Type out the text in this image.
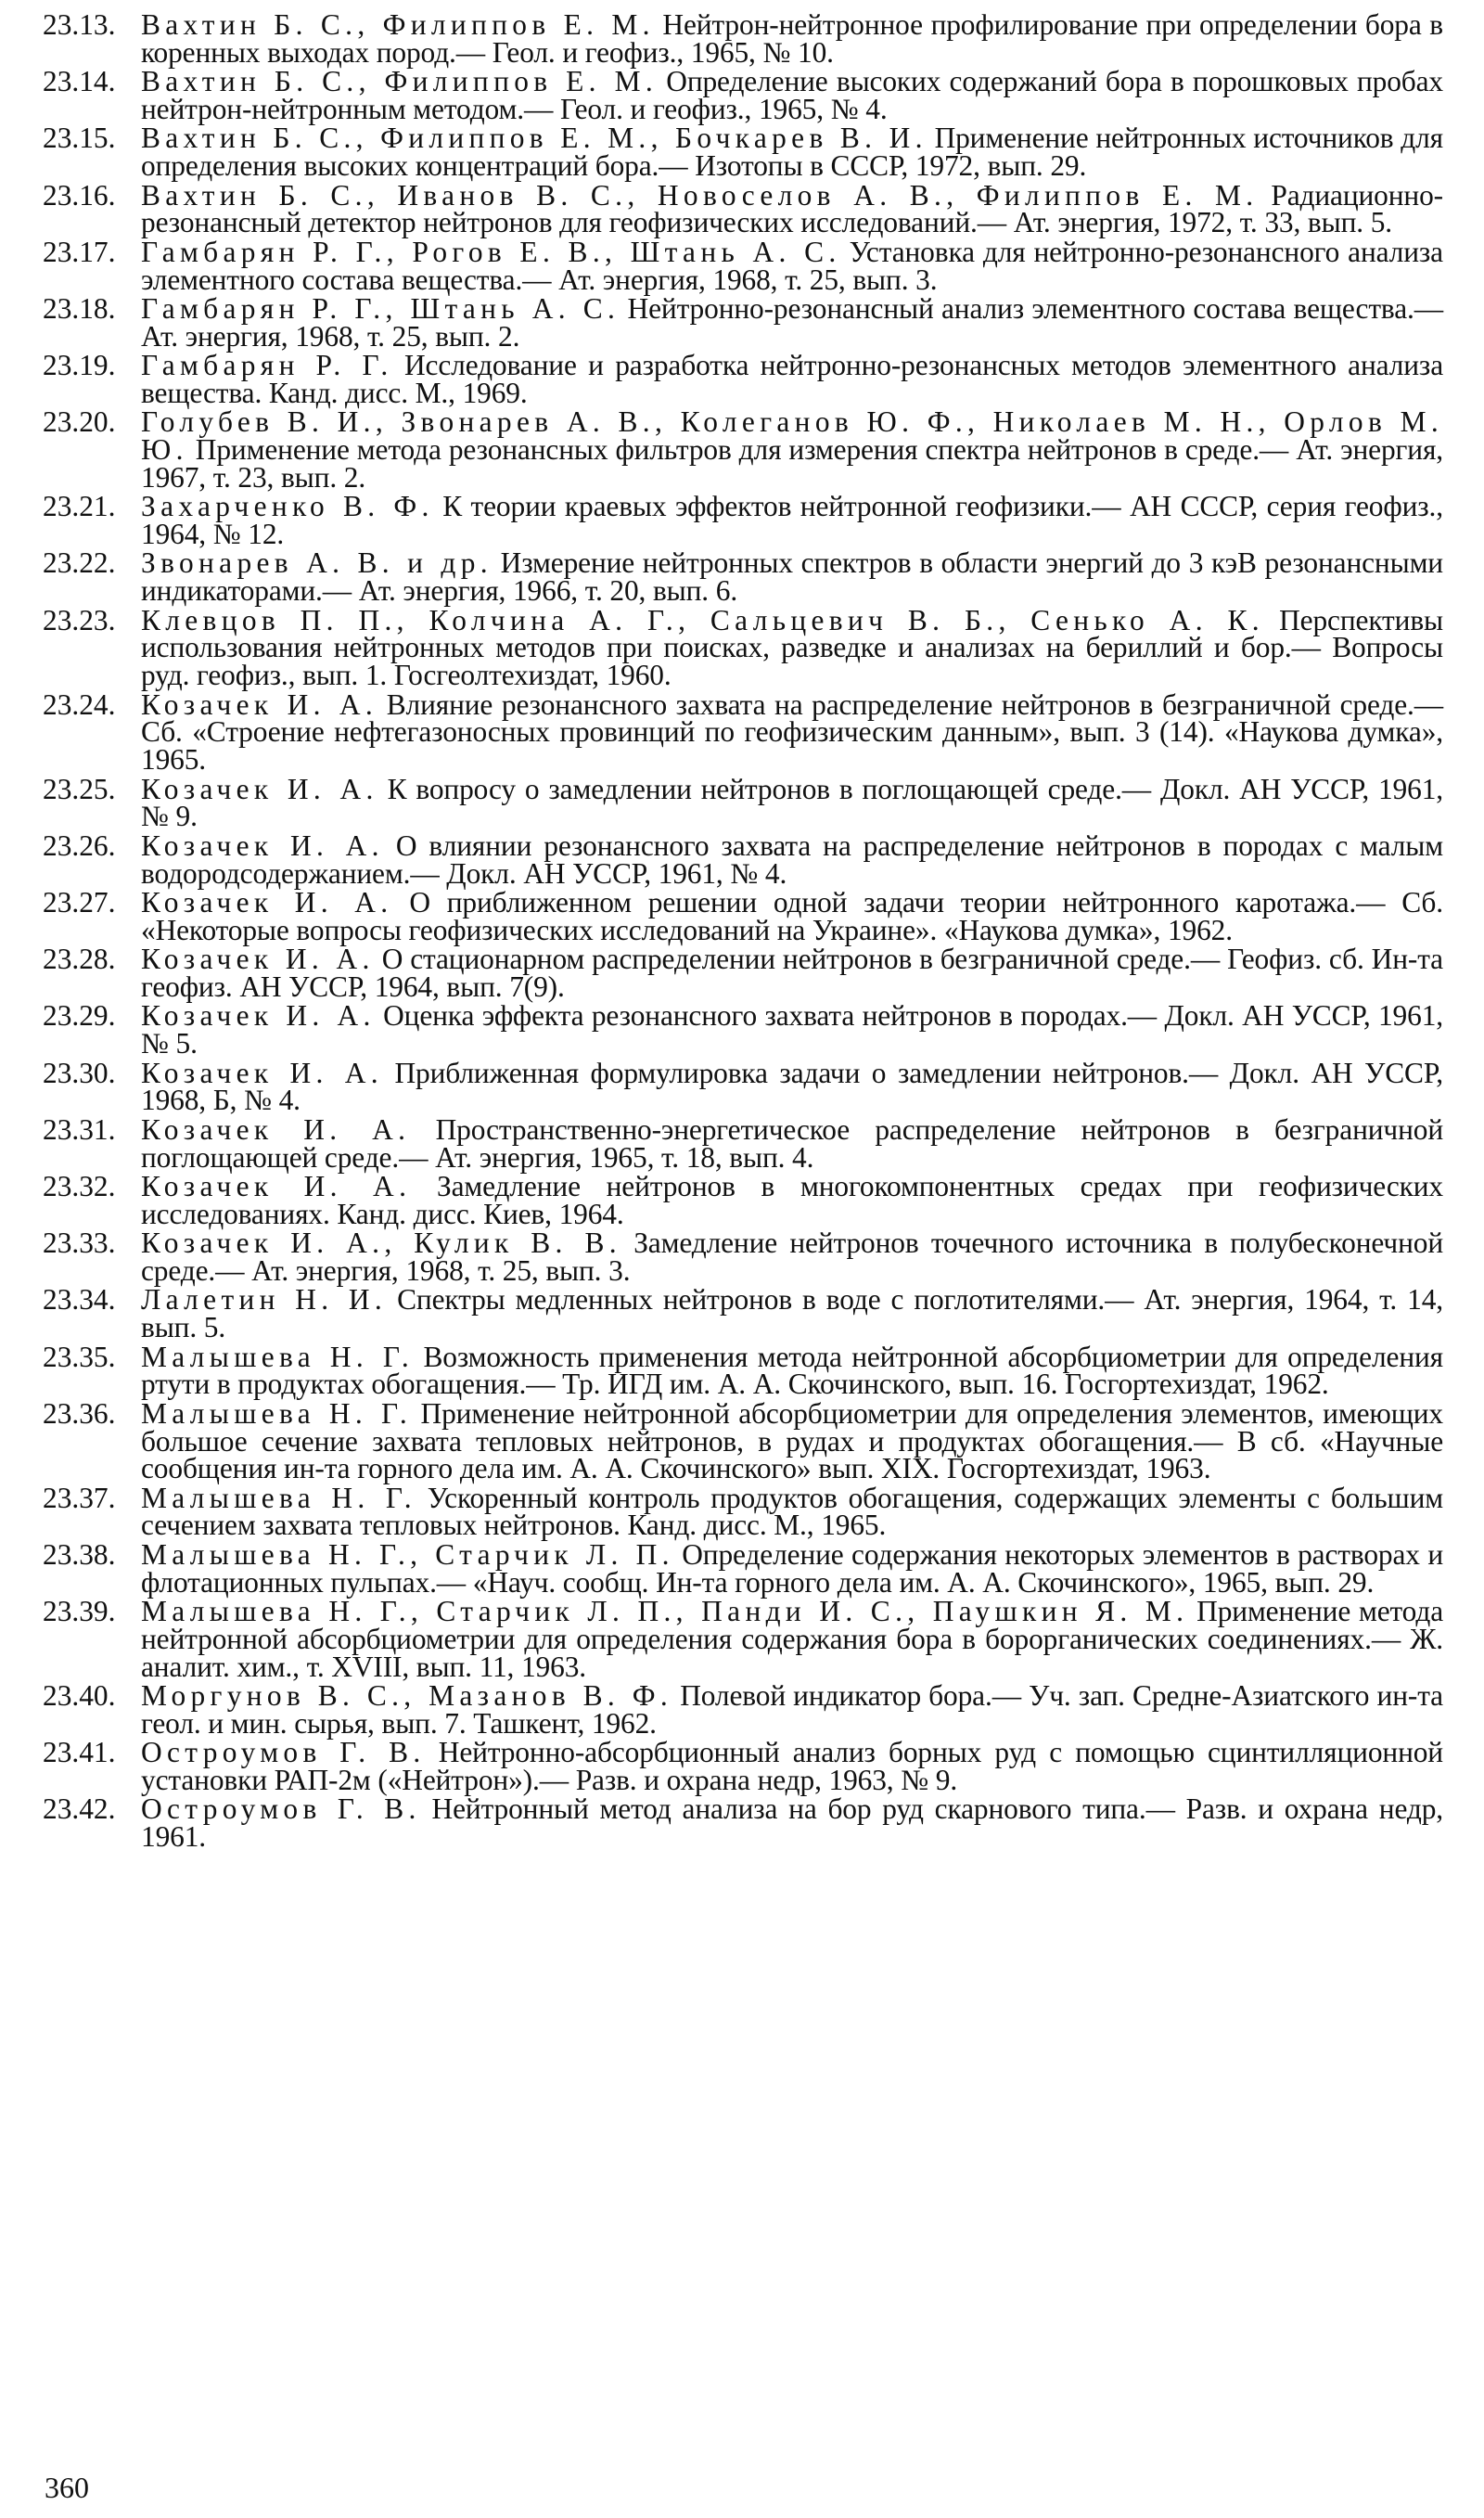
23.13. Вахтин Б. С., Филиппов Е. М. Нейтрон-нейтронное профилирование при определении бора в коренных выходах пород.— Геол. и геофиз., 1965, № 10.
23.14. Вахтин Б. С., Филиппов Е. М. Определение высоких содержаний бора в порошковых пробах нейтрон-нейтронным методом.— Геол. и геофиз., 1965, № 4.
23.15. Вахтин Б. С., Филиппов Е. М., Бочкарев В. И. Применение нейтронных источников для определения высоких концентраций бора.— Изотопы в СССР, 1972, вып. 29.
23.16. Вахтин Б. С., Иванов В. С., Новоселов А. В., Филиппов Е. М. Радиационно-резонансный детектор нейтронов для геофизических исследований.— Ат. энергия, 1972, т. 33, вып. 5.
23.17. Гамбарян Р. Г., Рогов Е. В., Штань А. С. Установка для нейтронно-резонансного анализа элементного состава вещества.— Ат. энергия, 1968, т. 25, вып. 3.
23.18. Гамбарян Р. Г., Штань А. С. Нейтронно-резонансный анализ элементного состава вещества.— Ат. энергия, 1968, т. 25, вып. 2.
23.19. Гамбарян Р. Г. Исследование и разработка нейтронно-резонансных методов элементного анализа вещества. Канд. дисс. М., 1969.
23.20. Голубев В. И., Звонарев А. В., Колеганов Ю. Ф., Николаев М. Н., Орлов М. Ю. Применение метода резонансных фильтров для измерения спектра нейтронов в среде.— Ат. энергия, 1967, т. 23, вып. 2.
23.21. Захарченко В. Ф. К теории краевых эффектов нейтронной геофизики.— АН СССР, серия геофиз., 1964, № 12.
23.22. Звонарев А. В. и др. Измерение нейтронных спектров в области энергий до 3 кэВ резонансными индикаторами.— Ат. энергия, 1966, т. 20, вып. 6.
23.23. Клевцов П. П., Колчина А. Г., Сальцевич В. Б., Сенько А. К. Перспективы использования нейтронных методов при поисках, разведке и анализах на бериллий и бор.— Вопросы руд. геофиз., вып. 1. Госгеолтехиздат, 1960.
23.24. Козачек И. А. Влияние резонансного захвата на распределение нейтронов в безграничной среде.— Сб. «Строение нефтегазоносных провинций по геофизическим данным», вып. 3 (14). «Наукова думка», 1965.
23.25. Козачек И. А. К вопросу о замедлении нейтронов в поглощающей среде.— Докл. АН УССР, 1961, № 9.
23.26. Козачек И. А. О влиянии резонансного захвата на распределение нейтронов в породах с малым водородсодержанием.— Докл. АН УССР, 1961, № 4.
23.27. Козачек И. А. О приближенном решении одной задачи теории нейтронного каротажа.— Сб. «Некоторые вопросы геофизических исследований на Украине». «Наукова думка», 1962.
23.28. Козачек И. А. О стационарном распределении нейтронов в безграничной среде.— Геофиз. сб. Ин-та геофиз. АН УССР, 1964, вып. 7(9).
23.29. Козачек И. А. Оценка эффекта резонансного захвата нейтронов в породах.— Докл. АН УССР, 1961, № 5.
23.30. Козачек И. А. Приближенная формулировка задачи о замедлении нейтронов.— Докл. АН УССР, 1968, Б, № 4.
23.31. Козачек И. А. Пространственно-энергетическое распределение нейтронов в безграничной поглощающей среде.— Ат. энергия, 1965, т. 18, вып. 4.
23.32. Козачек И. А. Замедление нейтронов в многокомпонентных средах при геофизических исследованиях. Канд. дисс. Киев, 1964.
23.33. Козачек И. А., Кулик В. В. Замедление нейтронов точечного источника в полубесконечной среде.— Ат. энергия, 1968, т. 25, вып. 3.
23.34. Лалетин Н. И. Спектры медленных нейтронов в воде с поглотителями.— Ат. энергия, 1964, т. 14, вып. 5.
23.35. Малышева Н. Г. Возможность применения метода нейтронной абсорбциометрии для определения ртути в продуктах обогащения.— Тр. ИГД им. А. А. Скочинского, вып. 16. Госгортехиздат, 1962.
23.36. Малышева Н. Г. Применение нейтронной абсорбциометрии для определения элементов, имеющих большое сечение захвата тепловых нейтронов, в рудах и продуктах обогащения.— В сб. «Научные сообщения ин-та горного дела им. А. А. Скочинского» вып. XIX. Госгортехиздат, 1963.
23.37. Малышева Н. Г. Ускоренный контроль продуктов обогащения, содержащих элементы с большим сечением захвата тепловых нейтронов. Канд. дисс. М., 1965.
23.38. Малышева Н. Г., Старчик Л. П. Определение содержания некоторых элементов в растворах и флотационных пульпах.— «Науч. сообщ. Ин-та горного дела им. А. А. Скочинского», 1965, вып. 29.
23.39. Малышева Н. Г., Старчик Л. П., Панди И. С., Паушкин Я. М. Применение метода нейтронной абсорбциометрии для определения содержания бора в борорганических соединениях.— Ж. аналит. хим., т. XVIII, вып. 11, 1963.
23.40. Моргунов В. С., Мазанов В. Ф. Полевой индикатор бора.— Уч. зап. Средне-Азиатского ин-та геол. и мин. сырья, вып. 7. Ташкент, 1962.
23.41. Остроумов Г. В. Нейтронно-абсорбционный анализ борных руд с помощью сцинтилляционной установки РАП-2м («Нейтрон»).— Разв. и охрана недр, 1963, № 9.
23.42. Остроумов Г. В. Нейтронный метод анализа на бор руд скарнового типа.— Разв. и охрана недр, 1961.
360
